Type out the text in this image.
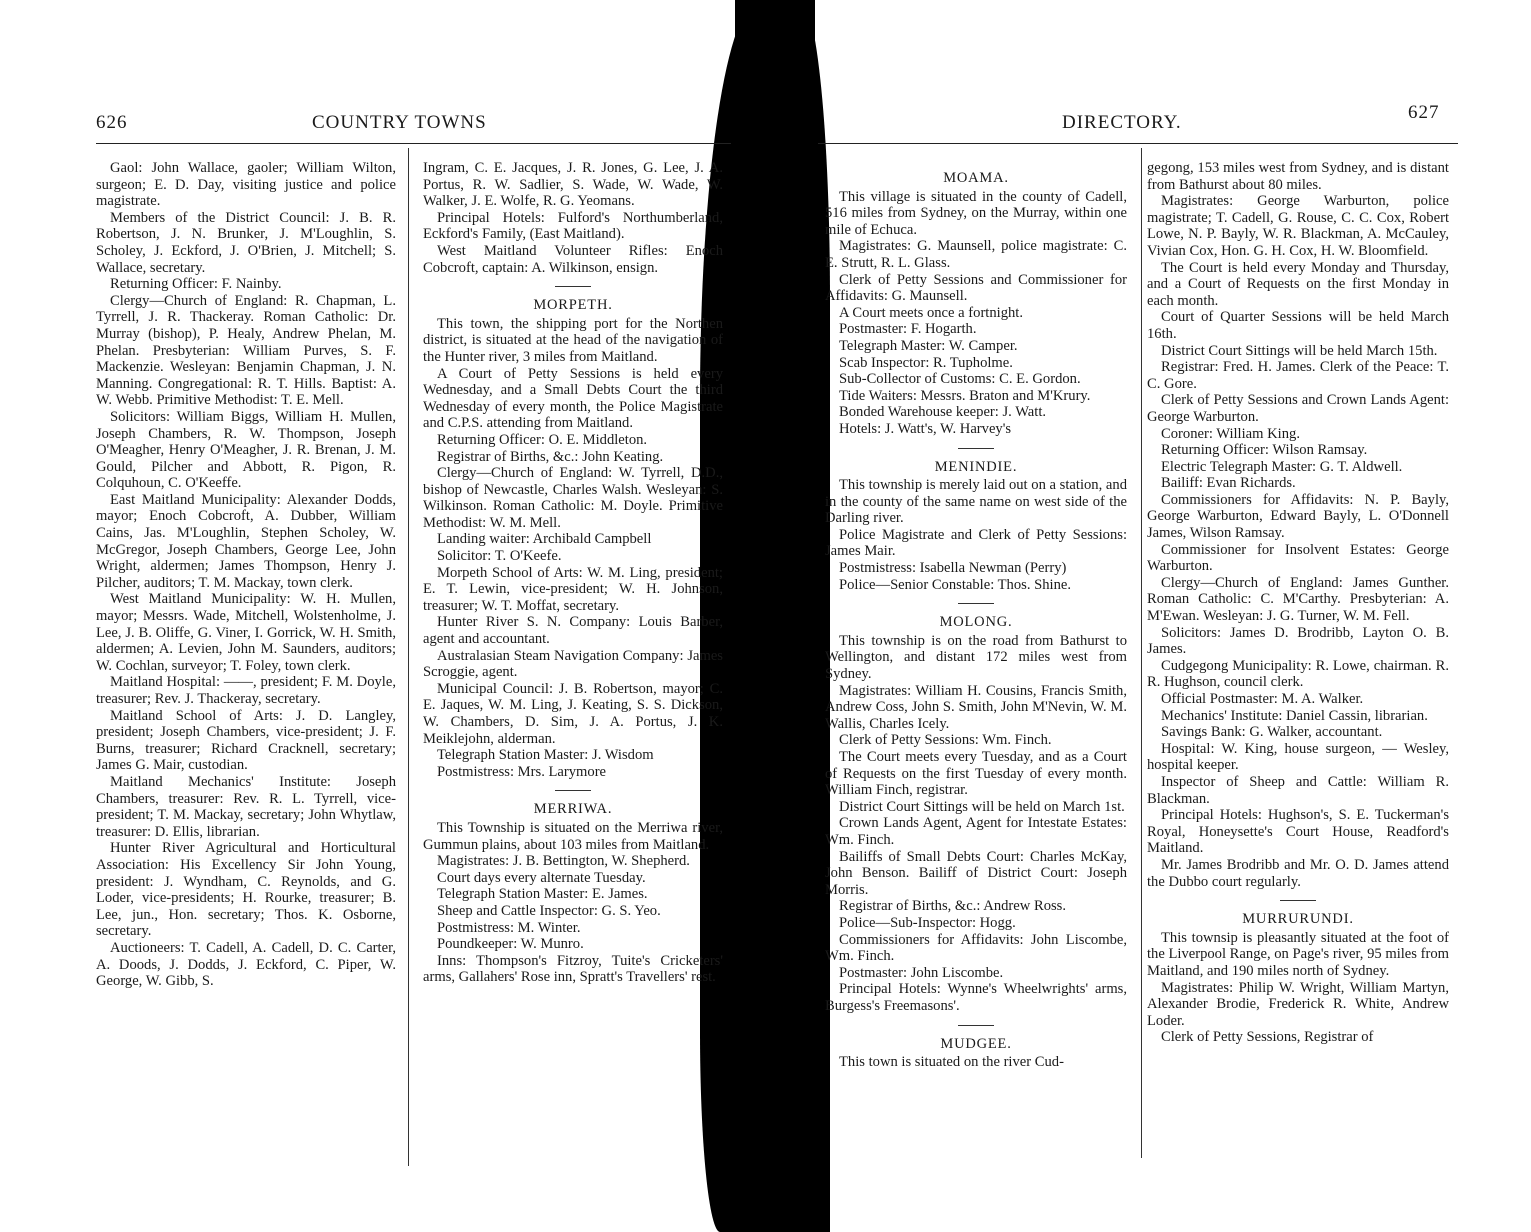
626	COUNTRY TOWNS

Gaol: John Wallace, gaoler; William Wilton, surgeon; E. D. Day, visiting justice and police magistrate.

Members of the District Council: J. B. R. Robertson, J. N. Brunker, J. M'Loughlin, S. Scholey, J. Eckford, J. O'Brien, J. Mitchell; S. Wallace, secretary.

Returning Officer: F. Nainby.

Clergy—Church of England: R. Chapman, L. Tyrrell, J. R. Thackeray. Roman Catholic: Dr. Murray (bishop), P. Healy, Andrew Phelan, M. Phelan. Presbyterian: William Purves, S. F. Mackenzie. Wesleyan: Benjamin Chapman, J. N. Manning. Congregational: R. T. Hills. Baptist: A. W. Webb. Primitive Methodist: T. E. Mell.

Solicitors: William Biggs, William H. Mullen, Joseph Chambers, R. W. Thompson, Joseph O'Meagher, Henry O'Meagher, J. R. Brenan, J. M. Gould, Pilcher and Abbott, R. Pigon, R. Colquhoun, C. O'Keeffe.

East Maitland Municipality: Alexander Dodds, mayor; Enoch Cobcroft, A. Dubber, William Cains, Jas. M'Loughlin, Stephen Scholey, W. McGregor, Joseph Chambers, George Lee, John Wright, aldermen; James Thompson, Henry J. Pilcher, auditors; T. M. Mackay, town clerk.

West Maitland Municipality: W. H. Mullen, mayor; Messrs. Wade, Mitchell, Wolstenholme, J. Lee, J. B. Oliffe, G. Viner, I. Gorrick, W. H. Smith, aldermen; A. Levien, John M. Saunders, auditors; W. Cochlan, surveyor; T. Foley, town clerk.

Maitland Hospital: ——, president; F. M. Doyle, treasurer; Rev. J. Thackeray, secretary.

Maitland School of Arts: J. D. Langley, president; Joseph Chambers, vice-president; J. F. Burns, treasurer; Richard Cracknell, secretary; James G. Mair, custodian.

Maitland Mechanics' Institute: Joseph Chambers, treasurer: Rev. R. L. Tyrrell, vice-president; T. M. Mackay, secretary; John Whytlaw, treasurer: D. Ellis, librarian.

Hunter River Agricultural and Horticultural Association: His Excellency Sir John Young, president: J. Wyndham, C. Reynolds, and G. Loder, vice-presidents; H. Rourke, treasurer; B. Lee, jun., Hon. secretary; Thos. K. Osborne, secretary.

Auctioneers: T. Cadell, A. Cadell, D. C. Carter, A. Doods, J. Dodds, J. Eckford, C. Piper, W. George, W. Gibb, S.

Ingram, C. E. Jacques, J. R. Jones, G. Lee, J. A. Portus, R. W. Sadlier, S. Wade, W. Wade, W. Walker, J. E. Wolfe, R. G. Yeomans.

Principal Hotels: Fulford's Northumberland, Eckford's Family, (East Maitland).

West Maitland Volunteer Rifles: Enoch Cobcroft, captain: A. Wilkinson, ensign.

MORPETH.

This town, the shipping port for the Northen district, is situated at the head of the navigation of the Hunter river, 3 miles from Maitland.

A Court of Petty Sessions is held every Wednesday, and a Small Debts Court the third Wednesday of every month, the Police Magistrate and C.P.S. attending from Maitland.

Returning Officer: O. E. Middleton.

Registrar of Births, &c.: John Keating.

Clergy—Church of England: W. Tyrrell, D.D., bishop of Newcastle, Charles Walsh. Wesleyan: S. Wilkinson. Roman Catholic: M. Doyle. Primitive Methodist: W. M. Mell.

Landing waiter: Archibald Campbell

Solicitor: T. O'Keefe.

Morpeth School of Arts: W. M. Ling, president; E. T. Lewin, vice-president; W. H. Johnson, treasurer; W. T. Moffat, secretary.

Hunter River S. N. Company: Louis Barber, agent and accountant.

Australasian Steam Navigation Company: James Scroggie, agent.

Municipal Council: J. B. Robertson, mayor; C. E. Jaques, W. M. Ling, J. Keating, S. S. Dickson, W. Chambers, D. Sim, J. A. Portus, J. K. Meiklejohn, alderman.

Telegraph Station Master: J. Wisdom

Postmistress: Mrs. Larymore

MERRIWA.

This Township is situated on the Merriwa river, Gummun plains, about 103 miles from Maitland.

Magistrates: J. B. Bettington, W. Shepherd.

Court days every alternate Tuesday.

Telegraph Station Master: E. James.

Sheep and Cattle Inspector: G. S. Yeo.

Postmistress: M. Winter.

Poundkeeper: W. Munro.

Inns: Thompson's Fitzroy, Tuite's Cricketers' arms, Gallahers' Rose inn, Spratt's Travellers' rest.

DIRECTORY.	627

MOAMA.

This village is situated in the county of Cadell, 516 miles from Sydney, on the Murray, within one mile of Echuca.

Magistrates: G. Maunsell, police magistrate: C. E. Strutt, R. L. Glass.

Clerk of Petty Sessions and Commissioner for Affidavits: G. Maunsell.

A Court meets once a fortnight.

Postmaster: F. Hogarth.

Telegraph Master: W. Camper.

Scab Inspector: R. Tupholme.

Sub-Collector of Customs: C. E. Gordon.

Tide Waiters: Messrs. Braton and M'Krury.

Bonded Warehouse keeper: J. Watt.

Hotels: J. Watt's, W. Harvey's

MENINDIE.

This township is merely laid out on a station, and in the county of the same name on west side of the Darling river.

Police Magistrate and Clerk of Petty Sessions: James Mair.

Postmistress: Isabella Newman (Perry)

Police—Senior Constable: Thos. Shine.

MOLONG.

This township is on the road from Bathurst to Wellington, and distant 172 miles west from Sydney.

Magistrates: William H. Cousins, Francis Smith, Andrew Coss, John S. Smith, John M'Nevin, W. M. Wallis, Charles Icely.

Clerk of Petty Sessions: Wm. Finch.

The Court meets every Tuesday, and as a Court of Requests on the first Tuesday of every month. William Finch, registrar.

District Court Sittings will be held on March 1st.

Crown Lands Agent, Agent for Intestate Estates: Wm. Finch.

Bailiffs of Small Debts Court: Charles McKay, John Benson. Bailiff of District Court: Joseph Morris.

Registrar of Births, &c.: Andrew Ross.

Police—Sub-Inspector: Hogg.

Commissioners for Affidavits: John Liscombe, Wm. Finch.

Postmaster: John Liscombe.

Principal Hotels: Wynne's Wheelwrights' arms, Burgess's Freemasons'.

MUDGEE.

This town is situated on the river Cud-

gegong, 153 miles west from Sydney, and is distant from Bathurst about 80 miles.

Magistrates: George Warburton, police magistrate; T. Cadell, G. Rouse, C. C. Cox, Robert Lowe, N. P. Bayly, W. R. Blackman, A. McCauley, Vivian Cox, Hon. G. H. Cox, H. W. Bloomfield.

The Court is held every Monday and Thursday, and a Court of Requests on the first Monday in each month.

Court of Quarter Sessions will be held March 16th.

District Court Sittings will be held March 15th.

Registrar: Fred. H. James. Clerk of the Peace: T. C. Gore.

Clerk of Petty Sessions and Crown Lands Agent: George Warburton.

Coroner: William King.

Returning Officer: Wilson Ramsay.

Electric Telegraph Master: G. T. Aldwell.

Bailiff: Evan Richards.

Commissioners for Affidavits: N. P. Bayly, George Warburton, Edward Bayly, L. O'Donnell James, Wilson Ramsay.

Commissioner for Insolvent Estates: George Warburton.

Clergy—Church of England: James Gunther. Roman Catholic: C. M'Carthy. Presbyterian: A. M'Ewan. Wesleyan: J. G. Turner, W. M. Fell.

Solicitors: James D. Brodribb, Layton O. B. James.

Cudgegong Municipality: R. Lowe, chairman. R. R. Hughson, council clerk.

Official Postmaster: M. A. Walker.

Mechanics' Institute: Daniel Cassin, librarian.

Savings Bank: G. Walker, accountant.

Hospital: W. King, house surgeon, — Wesley, hospital keeper.

Inspector of Sheep and Cattle: William R. Blackman.

Principal Hotels: Hughson's, S. E. Tuckerman's Royal, Honeysette's Court House, Readford's Maitland.

Mr. James Brodribb and Mr. O. D. James attend the Dubbo court regularly.

MURRURUNDI.

This townsip is pleasantly situated at the foot of the Liverpool Range, on Page's river, 95 miles from Maitland, and 190 miles north of Sydney.

Magistrates: Philip W. Wright, William Martyn, Alexander Brodie, Frederick R. White, Andrew Loder.

Clerk of Petty Sessions, Registrar of
